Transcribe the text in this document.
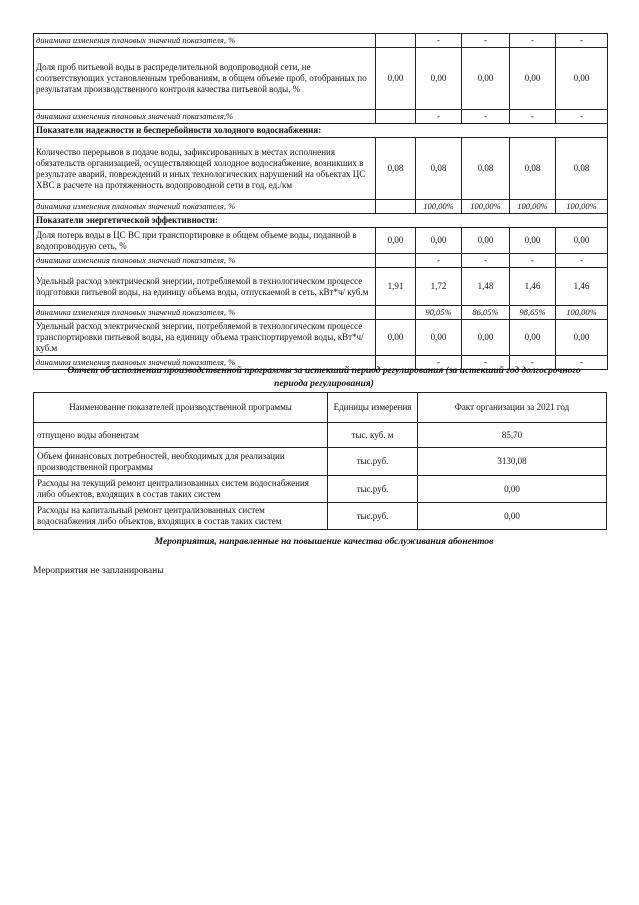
динамика изменения плановых значений показателя, %		-	-	-	-
Доля проб питьевой воды в распределительной водопроводной сети, не соответствующих установленным требованиям, в общем объеме проб, отобранных по результатам производственного контроля качества питьевой воды, %	0,00	0,00	0,00	0,00	0,00
динамика изменения плановых значений показателя,%		-	-	-	-
Показатели надежности и бесперебойности холодного водоснабжения:					
Количество перерывов в подаче воды, зафиксированных в местах исполнения обязательств организацией, осуществляющей холодное водоснабжение, возникших в результате аварий, повреждений и иных технологических нарушений на объектах ЦС ХВС в расчете на протяженность водопроводной сети в год, ед./км	0,08	0,08	0,08	0,08	0,08
динамика изменения плановых значений показателя, %		100,00%	100,00%	100,00%	100,00%
Показатели энергетической эффективности:					
Доля потерь воды в ЦС ВС при транспортировке в общем объеме воды, поданной в водопроводную сеть, %	0,00	0,00	0,00	0,00	0,00
динамика изменения плановых значений показателя, %		-	-	-	-
Удельный расход электрической энергии, потребляемой в технологическом процессе подготовки питьевой воды, на единицу объема воды, отпускаемой в сеть, кВт*ч/ куб.м	1,91	1,72	1,48	1,46	1,46
динамика изменения плановых значений показателя, %		90,05%	86,05%	98,65%	100,00%
Удельный расход электрической энергии, потребляемой в технологическом процессе транспортировки питьевой воды, на единицу объема транспортируемой воды, кВт*ч/ куб.м	0,00	0,00	0,00	0,00	0,00
динамика изменения плановых значений показателя, %		-	-	-	-
Отчет об исполнении производственной программы за истекший период регулирования (за истекший год долгосрочного периода регулирования)
Наименование показателей производственной программы	Единицы измерения	Факт организации за 2021 год
отпущено воды абонентам	тыс. куб. м	85,70
Объем финансовых потребностей, необходимых для реализации производственной программы	тыс.руб.	3130,08
Расходы на текущий ремонт централизованных систем водоснабжения либо объектов, входящих в состав таких систем	тыс.руб.	0,00
Расходы на капитальный ремонт централизованных систем водоснабжения либо объектов, входящих в состав таких систем	тыс.руб.	0,00
Мероприятия, направленные на повышение качества обслуживания абонентов
Мероприятия не запланированы
